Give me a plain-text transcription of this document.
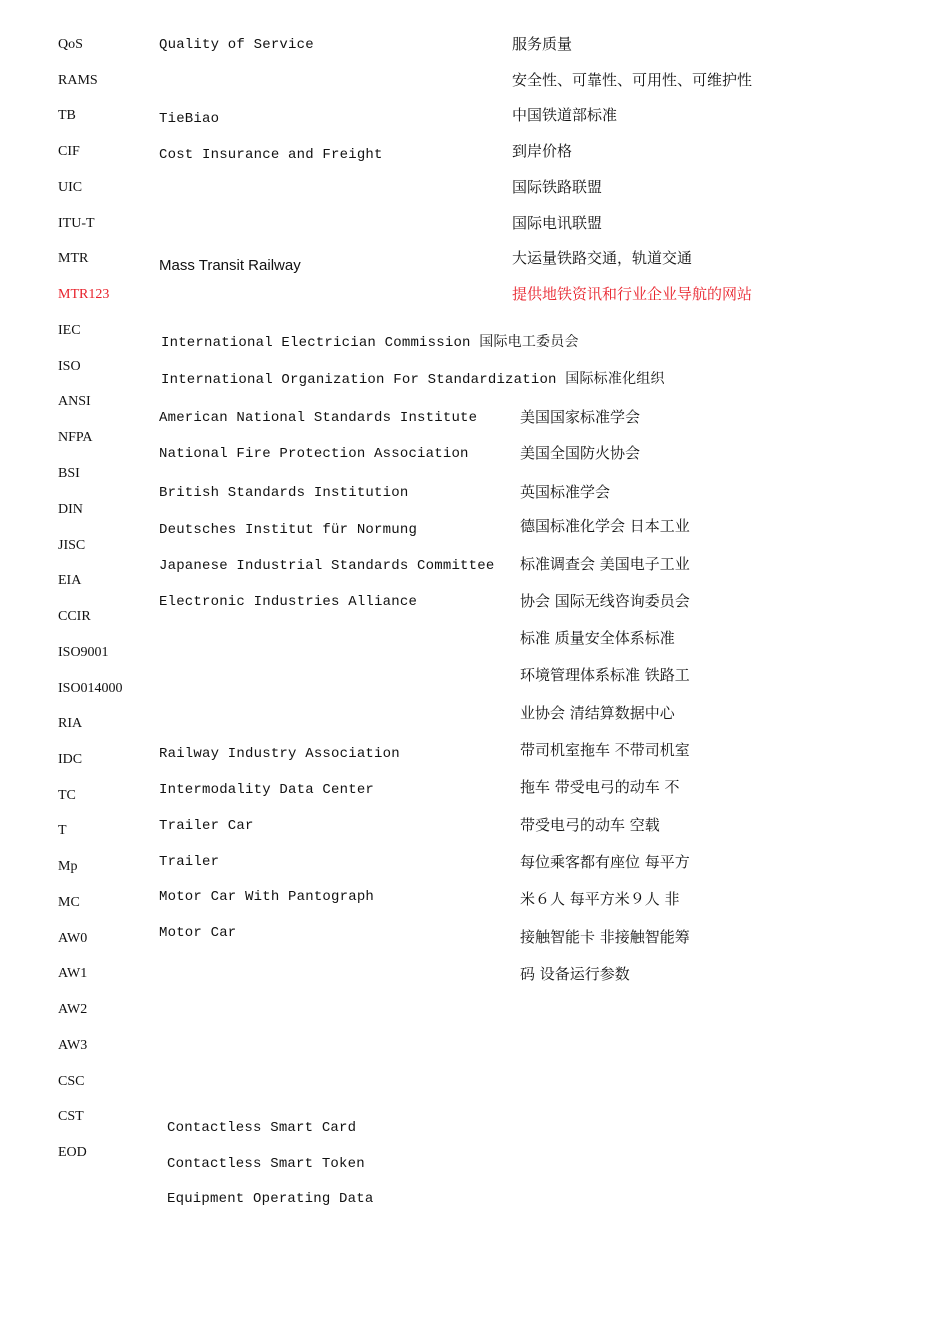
QoS
RAMS
TB
CIF
UIC
ITU-T
MTR
MTR123
IEC
ISO
ANSI
NFPA
BSI
DIN
JISC
EIA
CCIR
ISO9001
ISO014000
RIA
IDC
TC
T
Mp
MC
AW0
AW1
AW2
AW3
CSC
CST
EOD
Quality of Service
TieBiao
Cost Insurance and Freight
Mass Transit Railway
International Electrician Commission 国际电工委员会
International Organization For Standardization 国际标准化组织
American National Standards Institute
National Fire Protection Association
British Standards Institution
Deutsches Institut für Normung
Japanese Industrial Standards Committee
Electronic Industries Alliance
Railway Industry Association
Intermodality Data Center
Trailer Car
Trailer
Motor Car With Pantograph
Motor Car
Contactless Smart Card
Contactless Smart Token
Equipment Operating Data
服务质量
安全性、可靠性、可用性、可维护性
中国铁道部标准
到岸价格
国际铁路联盟
国际电讯联盟
大运量铁路交通，轨道交通
提供地铁资讯和行业企业导航的网站
美国国家标准学会
美国全国防火协会
英国标准学会
德国标准化学会 日本工业
标准调查会 美国电子工业
协会 国际无线咨询委员会
标准 质量安全体系标准
环境管理体系标准 铁路工
业协会 清结算数据中心
带司机室拖车 不带司机室
拖车 带受电弓的动车 不
带受电弓的动车 空载
每位乘客都有座位 每平方
米６人 每平方米９人 非
接触智能卡 非接触智能筹
码 设备运行参数
